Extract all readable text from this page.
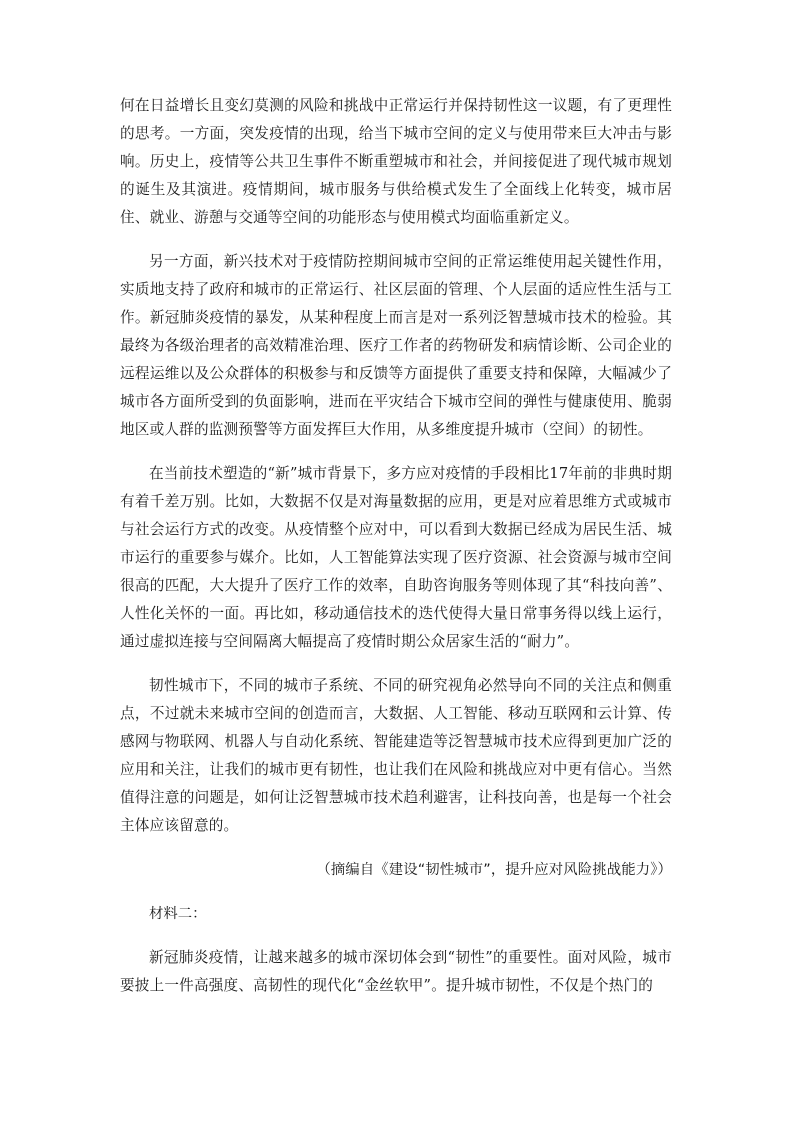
何在日益增长且变幻莫测的风险和挑战中正常运行并保持韧性这一议题，有了更理性的思考。一方面，突发疫情的出现，给当下城市空间的定义与使用带来巨大冲击与影响。历史上，疫情等公共卫生事件不断重塑城市和社会，并间接促进了现代城市规划的诞生及其演进。疫情期间，城市服务与供给模式发生了全面线上化转变，城市居住、就业、游憩与交通等空间的功能形态与使用模式均面临重新定义。

另一方面，新兴技术对于疫情防控期间城市空间的正常运维使用起关键性作用，实质地支持了政府和城市的正常运行、社区层面的管理、个人层面的适应性生活与工作。新冠肺炎疫情的暴发，从某种程度上而言是对一系列泛智慧城市技术的检验。其最终为各级治理者的高效精准治理、医疗工作者的药物研发和病情诊断、公司企业的远程运维以及公众群体的积极参与和反馈等方面提供了重要支持和保障，大幅减少了城市各方面所受到的负面影响，进而在平灾结合下城市空间的弹性与健康使用、脆弱地区或人群的监测预警等方面发挥巨大作用，从多维度提升城市（空间）的韧性。

在当前技术塑造的“新”城市背景下，多方应对疫情的手段相比17年前的非典时期有着千差万别。比如，大数据不仅是对海量数据的应用，更是对应着思维方式或城市与社会运行方式的改变。从疫情整个应对中，可以看到大数据已经成为居民生活、城市运行的重要参与媒介。比如，人工智能算法实现了医疗资源、社会资源与城市空间很高的匹配，大大提升了医疗工作的效率，自助咨询服务等则体现了其“科技向善”、人性化关怀的一面。再比如，移动通信技术的迭代使得大量日常事务得以线上运行，通过虚拟连接与空间隔离大幅提高了疫情时期公众居家生活的“耐力”。

韧性城市下，不同的城市子系统、不同的研究视角必然导向不同的关注点和侧重点，不过就未来城市空间的创造而言，大数据、人工智能、移动互联网和云计算、传感网与物联网、机器人与自动化系统、智能建造等泛智慧城市技术应得到更加广泛的应用和关注，让我们的城市更有韧性，也让我们在风险和挑战应对中更有信心。当然值得注意的问题是，如何让泛智慧城市技术趋利避害，让科技向善，也是每一个社会主体应该留意的。

（摘编自《建设“韧性城市”，提升应对风险挑战能力》）

材料二：

新冠肺炎疫情，让越来越多的城市深切体会到“韧性”的重要性。面对风险，城市要披上一件高强度、高韧性的现代化“金丝软甲”。提升城市韧性，不仅是个热门的
